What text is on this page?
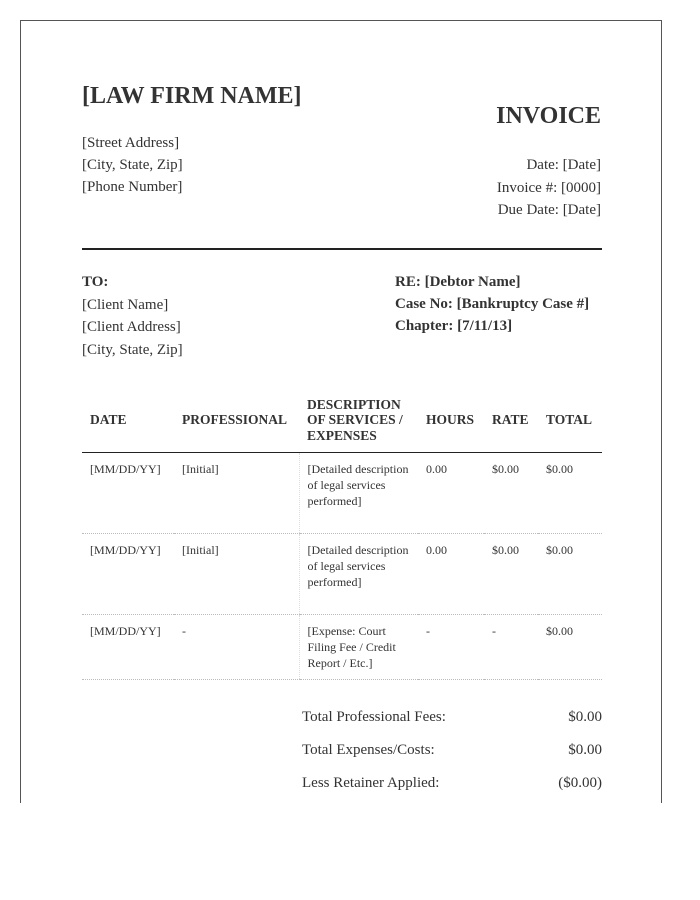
[LAW FIRM NAME]
[Street Address]
[City, State, Zip]
[Phone Number]
INVOICE
Date: [Date]
Invoice #: [0000]
Due Date: [Date]
TO:
[Client Name]
[Client Address]
[City, State, Zip]
RE: [Debtor Name]
Case No: [Bankruptcy Case #]
Chapter: [7/11/13]
DATE	PROFESSIONAL	DESCRIPTION OF SERVICES / EXPENSES	HOURS	RATE	TOTAL
[MM/DD/YY]	[Initial]	[Detailed description of legal services performed]	0.00	$0.00	$0.00
[MM/DD/YY]	[Initial]	[Detailed description of legal services performed]	0.00	$0.00	$0.00
[MM/DD/YY]	-	[Expense: Court Filing Fee / Credit Report / Etc.]	-	-	$0.00
Total Professional Fees:	$0.00
Total Expenses/Costs:	$0.00
Less Retainer Applied:	($0.00)
